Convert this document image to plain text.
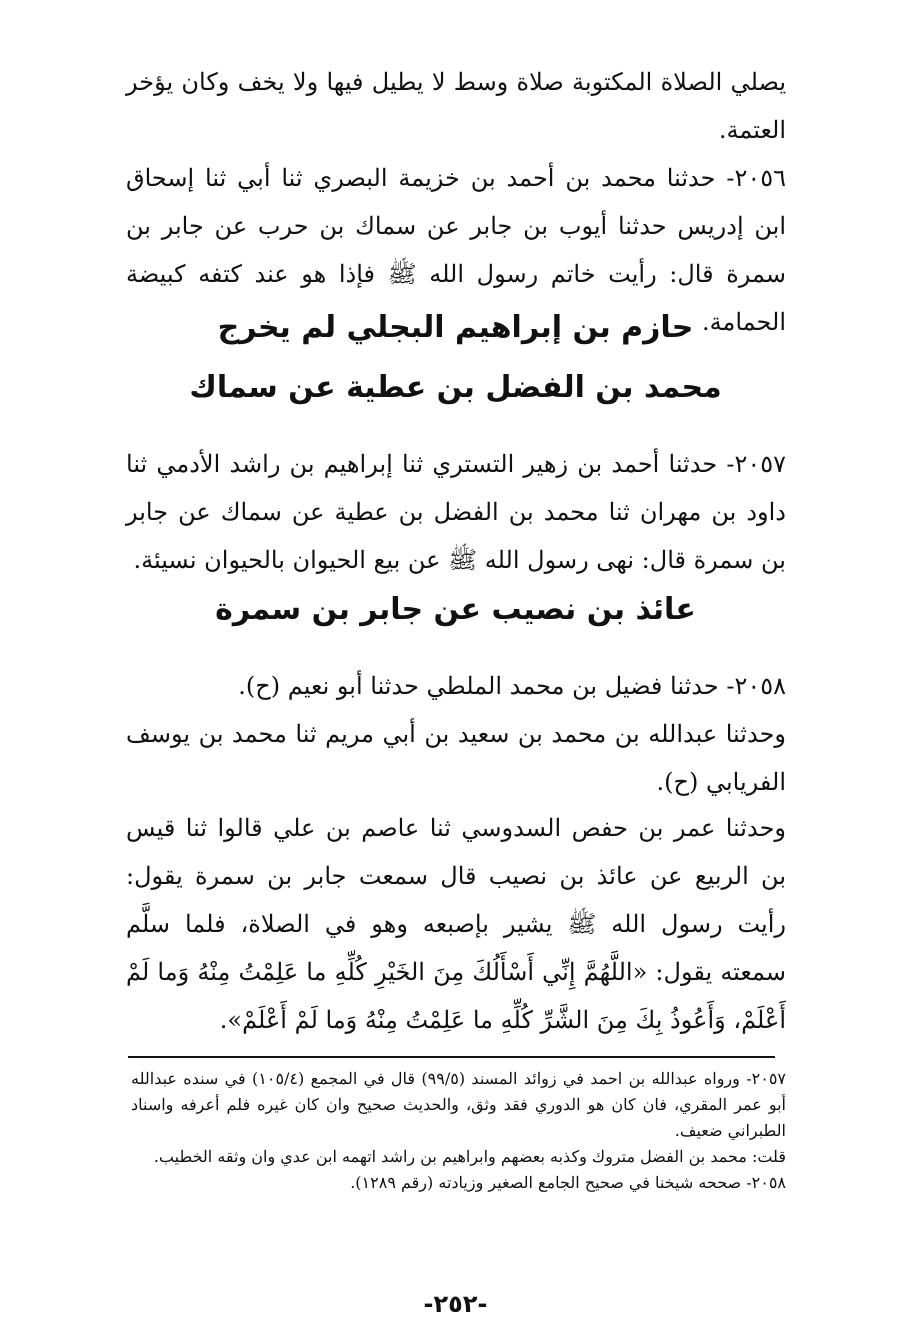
يصلي الصلاة المكتوبة صلاة وسط لا يطيل فيها ولا يخف وكان يؤخر العتمة.

٢٠٥٦- حدثنا محمد بن أحمد بن خزيمة البصري ثنا أبي ثنا إسحاق ابن إدريس حدثنا أيوب بن جابر عن سماك بن حرب عن جابر بن سمرة قال: رأيت خاتم رسول الله ﷺ فإذا هو عند كتفه كبيضة الحمامة.

حازم بن إبراهيم البجلي لم يخرج

محمد بن الفضل بن عطية عن سماك

٢٠٥٧- حدثنا أحمد بن زهير التستري ثنا إبراهيم بن راشد الأدمي ثنا داود بن مهران ثنا محمد بن الفضل بن عطية عن سماك عن جابر بن سمرة قال: نهى رسول الله ﷺ عن بيع الحيوان بالحيوان نسيئة.

عائذ بن نصيب عن جابر بن سمرة

٢٠٥٨- حدثنا فضيل بن محمد الملطي حدثنا أبو نعيم (ح).

وحدثنا عبدالله بن محمد بن سعيد بن أبي مريم ثنا محمد بن يوسف الفريابي (ح).

وحدثنا عمر بن حفص السدوسي ثنا عاصم بن علي قالوا ثنا قيس بن الربيع عن عائذ بن نصيب قال سمعت جابر بن سمرة يقول: رأيت رسول الله ﷺ يشير بإصبعه وهو في الصلاة، فلما سلَّم سمعته يقول: «اللَّهُمَّ إِنِّي أَسْأَلُكَ مِنَ الخَيْرِ كُلِّهِ ما عَلِمْتُ مِنْهُ وَما لَمْ أَعْلَمْ، وَأَعُوذُ بِكَ مِنَ الشَّرِّ كُلِّهِ ما عَلِمْتُ مِنْهُ وَما لَمْ أَعْلَمْ».

٢٠٥٧- ورواه عبدالله بن احمد في زوائد المسند (٩٩/٥) قال في المجمع (١٠٥/٤) في سنده عبدالله أبو عمر المقري، فان كان هو الدوري فقد وثق، والحديث صحيح وان كان غيره فلم أعرفه واسناد الطبراني ضعيف.

قلت: محمد بن الفضل متروك وكذبه بعضهم وابراهيم بن راشد اتهمه ابن عدي وان وثقه الخطيب.

٢٠٥٨- صححه شيخنا في صحيح الجامع الصغير وزيادته (رقم ١٢٨٩).

-٢٥٢-
